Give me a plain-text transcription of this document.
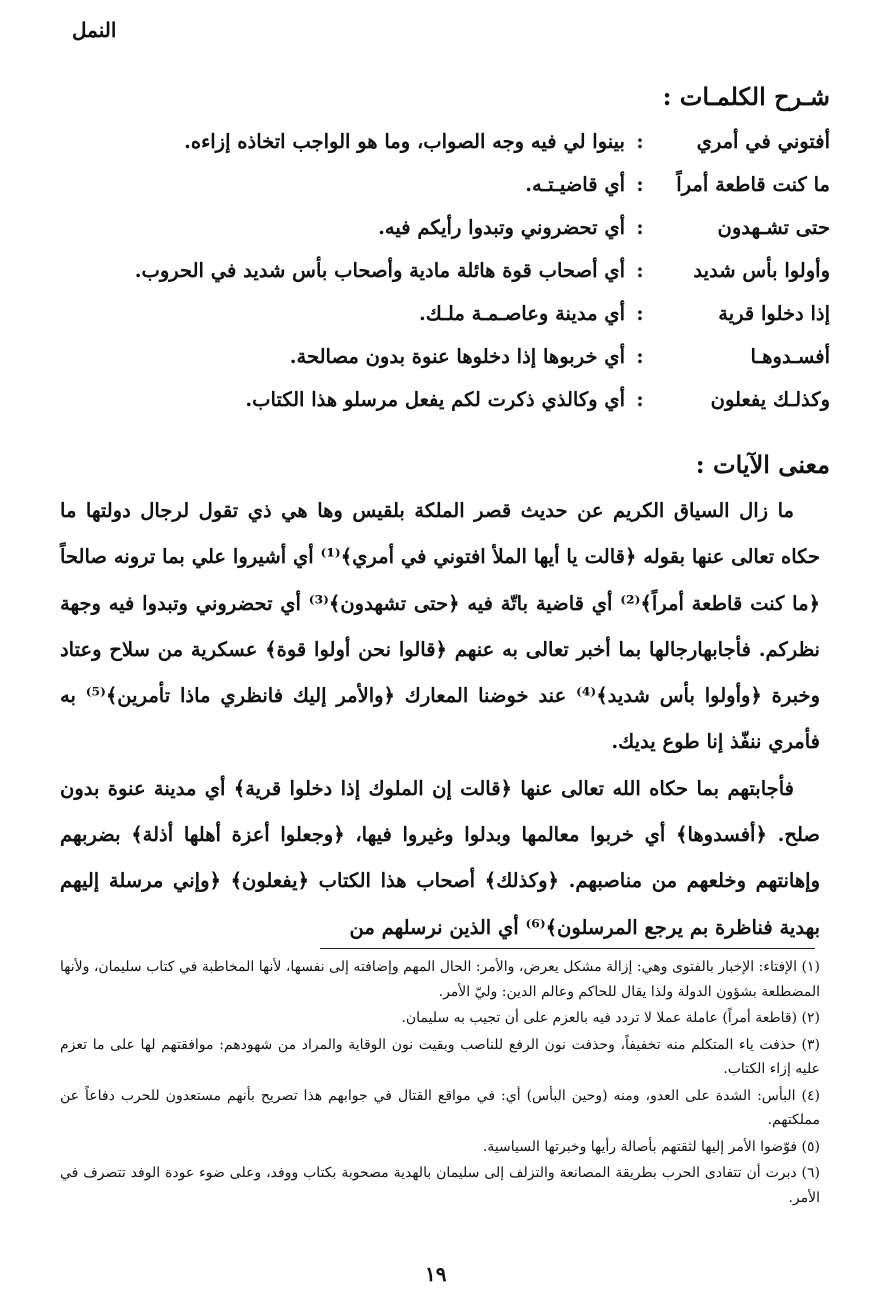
النمل
شـرح الكلمـات :
أفتوني في أمري
:
بينوا لي فيه وجه الصواب، وما هو الواجب اتخاذه إزاءه.
ما كنت قاطعة أمراً
:
أي قاضيـتـه.
حتى تشـهدون
:
أي تحضروني وتبدوا رأيكم فيه.
وأولوا بأس شديد
:
أي أصحاب قوة هائلة مادية وأصحاب بأس شديد في الحروب.
إذا دخلوا قرية
:
أي مدينة وعاصـمـة ملـك.
أفسـدوهـا
:
أي خربوها إذا دخلوها عنوة بدون مصالحة.
وكذلـك يفعلون
:
أي وكالذي ذكرت لكم يفعل مرسلو هذا الكتاب.
معنى الآيات :

ما زال السياق الكريم عن حديث قصر الملكة بلقيس وها هي ذي تقول لرجال دولتها ما حكاه تعالى عنها بقوله ﴿قالت يا أيها الملأ افتوني في أمري﴾⁽¹⁾ أي أشيروا علي بما ترونه صالحاً ﴿ما كنت قاطعة أمراً﴾⁽²⁾ أي قاضية باتّة فيه ﴿حتى تشهدون﴾⁽³⁾ أي تحضروني وتبدوا فيه وجهة نظركم. فأجابهارجالها بما أخبر تعالى به عنهم ﴿قالوا نحن أولوا قوة﴾ عسكرية من سلاح وعتاد وخبرة ﴿وأولوا بأس شديد﴾⁽⁴⁾ عند خوضنا المعارك ﴿والأمر إليك فانظري ماذا تأمرين﴾⁽⁵⁾ به فأمري ننفّذ إنا طوع يديك.

فأجابتهم بما حكاه الله تعالى عنها ﴿قالت إن الملوك إذا دخلوا قرية﴾ أي مدينة عنوة بدون صلح. ﴿أفسدوها﴾ أي خربوا معالمها وبدلوا وغيروا فيها، ﴿وجعلوا أعزة أهلها أذلة﴾ بضربهم وإهانتهم وخلعهم من مناصبهم. ﴿وكذلك﴾ أصحاب هذا الكتاب ﴿يفعلون﴾ ﴿وإني مرسلة إليهم بهدية فناظرة بم يرجع المرسلون﴾⁽⁶⁾ أي الذين نرسلهم من

(١) الإفتاء: الإخبار بالفتوى وهي: إزالة مشكل يعرض، والأمر: الحال المهم وإضافته إلى نفسها، لأنها المخاطبة في كتاب سليمان، ولأنها المضطلعة بشؤون الدولة ولذا يقال للحاكم وعالم الدين: وليّ الأمر.

(٢) (قاطعة أمراً) عاملة عملا لا تردد فيه بالعزم على أن تجيب به سليمان.

(٣) حذفت ياء المتكلم منه تخفيفاً، وحذفت نون الرفع للناصب وبقيت نون الوقاية والمراد من شهودهم: موافقتهم لها على ما تعزم عليه إزاء الكتاب.

(٤) البأس: الشدة على العدو، ومنه (وحين البأس) أي: في مواقع القتال في جوابهم هذا تصريح بأنهم مستعدون للحرب دفاعاً عن مملكتهم.

(٥) فوّضوا الأمر إليها لثقتهم بأصالة رأيها وخبرتها السياسية.

(٦) دبرت أن تتفادى الحرب بطريقة المصانعة والتزلف إلى سليمان بالهدية مصحوبة بكتاب ووفد، وعلى ضوء عودة الوفد تتصرف في الأمر.

١٩
